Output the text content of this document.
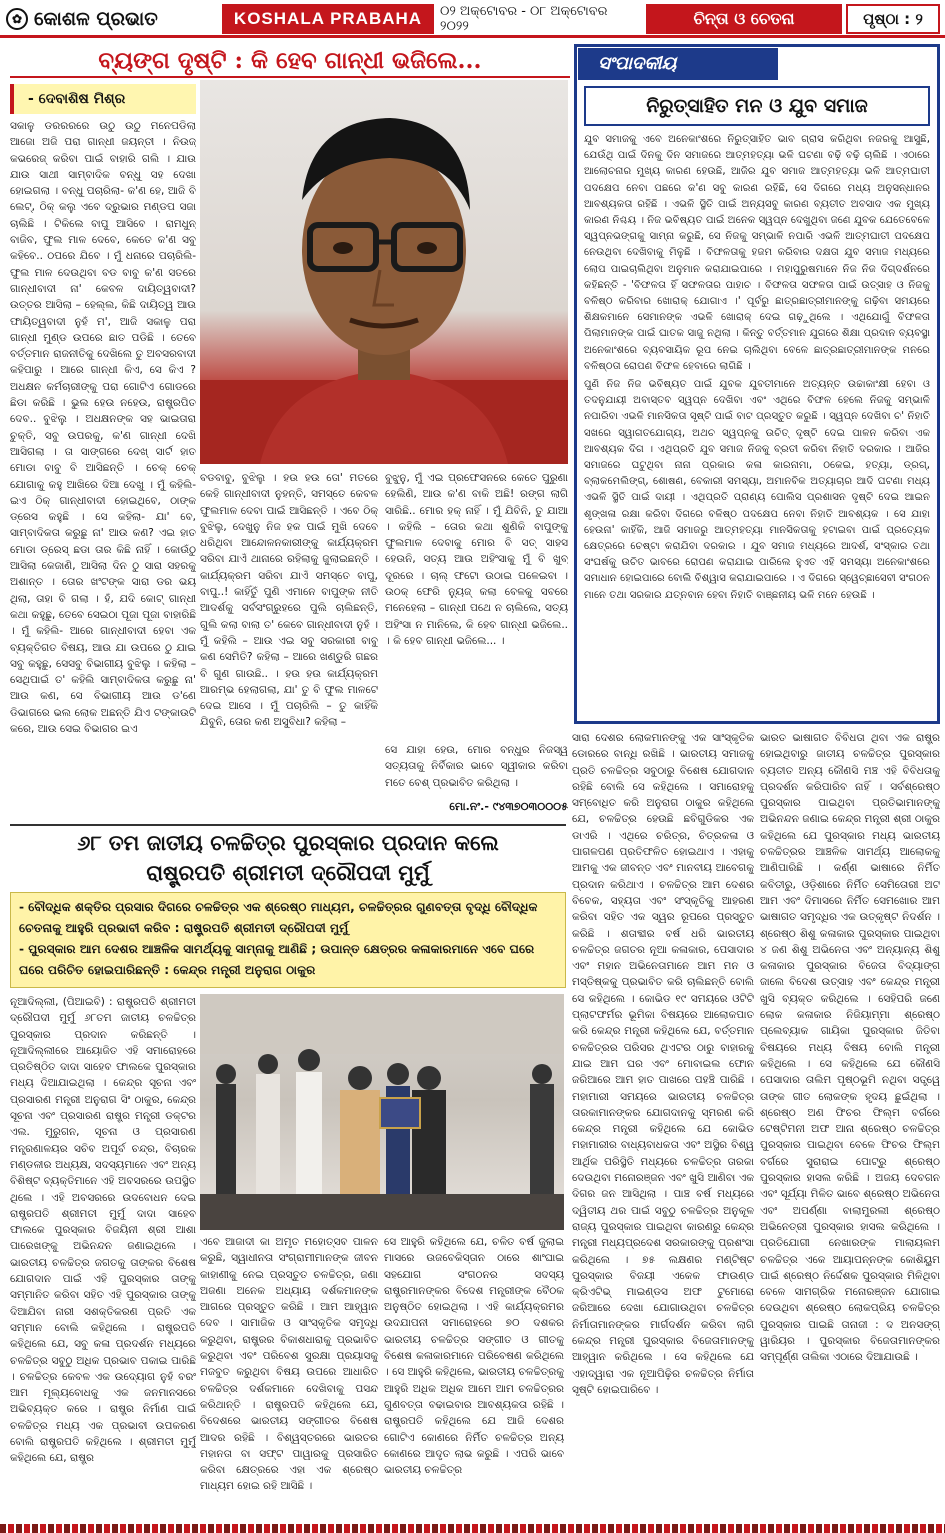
✿ କୋଶଳ ପ୍ରଭାତ	KOSHALA PRABAHA	୦୨ ଅକ୍ଟୋବର - ୦୮ ଅକ୍ଟୋବର ୨୦୨୨	ଚିନ୍ତା ଓ ଚେତନା	ପୃଷ୍ଠା : ୨
ବ୍ୟଙ୍ଗ ଦୃଷ୍ଟି : କି ହେବ ଗାନ୍ଧୀ ଭଜିଲେ...
- ଦେବାଶିଷ ମିଶ୍ର

ସକାଳୁ ଡରରରରେ ଉଠୁ ଉଠୁ ମନେପଡିଲା ଆଜୋ ଅଜି ପରା ଗାନ୍ଧୀ ଜୟନ୍ତୀ । ନିଉଜ୍ କଭରେଜ୍ କରିବା ପାଇଁ ବାହାରି ଗଲି । ଯାଉ ଯାଉ ସାଥୀ ସାମ୍ବାଦିକ ବନ୍ଧୁ ସହ ଦେଖା ହୋଇଗଲା । ବନ୍ଧୁ ପଚାରିଲା- କ'ଣ ହେ, ଆଜି ବି ଲେଟ୍, ଠିକ୍ କଲୁ ଏବେ ଦ୍ରୁଭାର ମଣ୍ଡପ ସଜା ଚାଲିଛି । ଟିକିଲେ ବାପୁ ଆସିବେ । ରାମଧୁନ୍ ବାଜିବ, ଫୁଲ ମାଳ ଦେବେ, କେତେ କ'ଣ ସବୁ କହିବେ.. ଠପରେ ଯିବେ । ମୁଁ ଧନାରେ ପଚାରିଲି- ଫୁଲ ମାଳ ଦେଉଥିବା ବଡ ବାବୁ କ'ଣ ସତରେ ଗାନ୍ଧୀବାଦୀ ନା' କେବଳ ଦାୟିତ୍ୱବାଦୀ? ଉତ୍ତର ଆସିଲା – ହେଲ୍ଲ, କିଛି ଦାୟିତ୍ୱ ଆଉ ଫାୟିତ୍ୱବାଦୀ ନୁହଁ ମ', ଆଜି ସକାଳୁ ପରା ଗାନ୍ଧୀ ମୁଣ୍ଡ ଉପରେ ଛାତ ପଡିଛି । ତେବେ ବର୍ତ୍ତମାନ ରାଜନୀତିକୁ ଦେଖିଲେ ତୁ ଅବସରବାଦୀ କହିପାରୁ । ଆରେ ଗାନ୍ଧୀ କିଏ, ସେ କିଏ ? ଅଧକ୍ଷନ କର୍ମଚାରୀଙ୍କୁ ପରା ଗୋଟିଏ ଗୋଡରେ ଛିଡା କରିଛି । ଭୁଲ ହେଉ ନହେଉ, ରାଷ୍ଟ୍ରପିତ ଦେବ.. ବୁଝିଲୁ । ଅଧକ୍ଷନଙ୍କ ସହ ଭାଇତାରା ଚୁକ୍ତି, ସବୁ ଉପରକୁ, କ'ଣ ଗାନ୍ଧୀ ଦେଖି ଆସିଗଲା । ତା ସାଙ୍ଗରେ ଦେଖ୍ ସାର୍ଟ ହାତ ମୋଡା ବାବୁ ବି ଆସିଛନ୍ତି । ଚେକ୍ ଚେକ୍ ଯୋଗାକୁ କହୁ ଆଖିରେ ଦିଆ ଦେଖୁ । ମୁଁ କହିଲି- ଇଏ ଠିକ୍ ଗାନ୍ଧୀବାଦୀ ହୋଇଥିବେ, ଠାଙ୍କ ଡ୍ରେସ କହୁଛି । ସେ କହିଲା- ଯା' ବେ, ସାମ୍ବାଦିକତା କରୁଛୁ ନା' ଆଉ କଣ? ଏଇ ହାତ ମୋଡା ଡ୍ରେସ୍ ଛଡା ତାର କିଛି ନାହିଁ । କୋଉଁଠୁ ଆସିଲା କେଜାଣି, ଆସିଲା ଦିନ ଠୁ ସାରା ସହରକୁ ଅଶାନ୍ତ । ତୋର ଖଂଟଙ୍କ ସାରା ଡର ଭୟ ଥିଲା, ତାହା ବି ଗଲା । ହଁ, ଯଦି କୋଟ୍ ଗାନ୍ଧୀ କଥା କହୁଛୁ, ତେବେ ସେଇଠା ପୂଜା ପୂଜା ବାହାରିଛି । ମୁଁ କହିଲି- ଆରେ ଗାନ୍ଧୀବାଦୀ ହେବା ଏକ ବ୍ୟକ୍ତିଗତ ବିଷୟ, ଆଉ ଯା ଉପରେ ଠୁ ଯାଇ ସବୁ କହୁଛୁ, ସେସବୁ ବିଭାଗୀୟ ବୁଝିଲୁ । କହିଲା – ସେଥିପାଇଁ ତ' କହିଲି ସାମ୍ବାଦିକତା କରୁଛୁ ନା' ଆଉ କଣ, ସେ ବିଭାଗୀୟ ଆଉ ଡ'ଣେ ଡିଭାଗରେ ଭଲ ଲୋକ ଅଛନ୍ତି ଯିଏ ଟଙ୍କାଉଟି କରେ, ଆଉ ସେଇ ବିଭାଗର ଇଏ

ବଡବାବୁ, ବୁଝିଲୁ । ହଉ ହଉ ତୋ' ମତରେ କେହି ଗାନ୍ଧୀବାଦୀ ନୁହନ୍ତି, ସମସ୍ତେ କେବଳ ଫୁଲମାଳ ଦେବା ପାଇଁ ଆସିଛନ୍ତି । ଏବେ ଠିକ୍ ବୁଝିଲୁ, ଦେଖୁନୁ ନିଜ ହକ ପାଇଁ ମୁଖି ଦେବେ ଧରିଥିବା ଆନ୍ଦୋଳନକାରୀଙ୍କୁ କାର୍ଯ୍ୟକ୍ରମ ସରିବା ଯାଏଁ ଥାନାରେ ରହିଲାକୁ ଜୁଲାଇଛନ୍ତି । କାର୍ଯ୍ୟକ୍ରମ ସରିବା ଯାଏଁ ସମସ୍ତେ ବାପୁ, ବାପୁ..! କାହିଁତୁଁ ପୁଣି ଏମାନେ ବାପୁଙ୍କ ନୀତି ଆଦର୍ଶକୁ ସର୍ବସଂଗ୍ରୁହରେ ପୁଲି ଚାଲିଛନ୍ତି, ଗୁଲି କଲା ବାଲା ତ' କେବେ ଗାନ୍ଧୀବାଦୀ ନୁହଁ । ମୁଁ କହିଲି – ଆଉ ଏଇ ସବୁ ସରକାରୀ ବାବୁ କଣ ସେମିତି? କହିଲା – ଆରେ ଖଣ୍ଡୁରି ଗଛର ବି ଗୁଣ ଗାଉଛି.. । ହଉ ହଉ କାର୍ଯ୍ୟକ୍ରମ ଆରମ୍ଭ ହେଲାଗଲା, ଯା' ତୁ ବି ଫୁଲ ମାଳଟେ ଦେଇ ଆସେ । ମୁଁ ପଚାରିଲି – ତୁ କାହିଁକି ଯିବୁନି, ତୋର କଣ ଅସୁବିଧା? କହିଲା –

ବୁଝୁନୁ, ମୁଁ ଏଇ ପ୍ରଫେସନରେ କେତେ ପୁରୁଣା ହେଲିଣି, ଆଉ କ'ଣ ବାକି ଅଛି! ରଙ୍ଗ ଲାଗି ସାରିଛି.. ମୋର ହକ୍ ନାହିଁ । ମୁଁ ଯିବିନି, ତୁ ଯାଆ । କହିଲି – ତୋର କଥା ଶୁଣିକି ବାପୁଙ୍କୁ ଫୁଲମାଳ ଦେବାକୁ ମୋର ବି ସତ୍ ସାହସ ହେଉନି, ସତ୍ୟ ଆଉ ଅହିଂସାକୁ ମୁଁ ବି ଖୁବ୍ ଦୂରରେ । ଚାଲ୍ ଫଟୋ ଉଠାଇ ପଳେଇବା । ଉଠକ୍ ଫେରି ନ୍ୟୁଜ୍ କଲା ବେଳକୁ ସବରେ ମନେହେଲା – ଗାନ୍ଧୀ ପଥେ ନ ଚାଲିଲେ, ସତ୍ୟ ଅହିଂସା ନ ମାନିଲେ, କି ହେବ ଗାନ୍ଧୀ ଭଜିଲେ.. । କି ହେବ ଗାନ୍ଧୀ ଭଜିଲେ... ।

ସେ ଯାହା ହେଉ, ମୋର ବନ୍ଧୁର ନିଜସ୍ୱ ସତ୍ୟତାକୁ ନିର୍ବିକାର ଭାବେ ସ୍ୱୀକାର କରିବା ମତେ ବେଶ୍ ପ୍ରଭାବିତ କରିଥିଲା ।

ମୋ.ନଂ.- ୯୪୩୭୦୩୦୦୦୫
ସଂପାଦକୀୟ
ନିରୁତ୍ସାହିତ ମନ ଓ ଯୁବ ସମାଜ

ଯୁବ ସମାଜକୁ ଏବେ ଅନେକାଂଶରେ ନିରୁତ୍ସାହିତ ଭାବ ଗ୍ରାସ କରିଥିବା ନଜରକୁ ଆସୁଛି, ଯେଉଁଥି ପାଇଁ ଦିନକୁ ଦିନ ସମାଜରେ ଆତ୍ମହତ୍ୟା ଭଳି ଘଟଣା ବଢ଼ି ବଢ଼ି ଚାଲିଛି । ଏଠାରେ ଆଲୋଚନାର ମୁଖ୍ୟ କାରଣ ହେଉଛି, ଆଜିର ଯୁବ ସମାଜ ଆତ୍ମହତ୍ୟା ଭଳି ଆତ୍ମଘାତୀ ପଦକ୍ଷେପ ନେବା ପଛରେ କ'ଣ ସବୁ କାରଣ ରହିଛି, ସେ ଦିଗରେ ମଧ୍ୟ ଅନୁସନ୍ଧାନର ଆବଶ୍ୟକତା ରହିଛି । ଏଭଳି ସ୍ଥିତି ପାଇଁ ଅନ୍ୟସବୁ କାରଣ ବ୍ୟତୀତ ଅବସାଦ ଏକ ମୁଖ୍ୟ କାରଣ ନିଶ୍ଚୟ । ନିଜ ଭବିଷ୍ୟତ ପାଇଁ ଅନେକ ସ୍ୱପ୍ନ ଦେଖୁଥିବା ଜଣେ ଯୁବକ ଯେତେବେଳେ ସ୍ୱପ୍ନଭଙ୍ଗକୁ ସାମ୍ନା କରୁଛି, ସେ ନିଜକୁ ସମ୍ଭାଳି ନପାରି ଏଭଳି ଆତ୍ମଘାତୀ ପଦକ୍ଷେପ ନେଉଥିବା ଦେଖିବାକୁ ମିଳୁଛି । ବିଫଳତାକୁ ହଜମ କରିବାର ଦକ୍ଷତା ଯୁବ ସମାଜ ମଧ୍ୟରେ ଲୋପ ପାଇଚାଲିଥିବା ଅନୁମାନ କରାଯାଇପାରେ । ମହାପୁରୁଷମାନେ ନିଜ ନିଜ ଦିଗ୍‌ଦର୍ଶନରେ କହିଛନ୍ତି - 'ବିଫଳତା ହିଁ ସଫଳତାର ପାହାଚ । ବିଫଳତା ସଫଳତା ପାଇଁ ଉତ୍ସାହ ଓ ନିଜକୁ ବଳିଷ୍ଠ କରିବାର ଖୋରାକ୍ ଯୋଗାଏ ।' ପୂର୍ବରୁ ଛାତ୍ରଛାତ୍ରୀମାନଙ୍କୁ ଗଢ଼ିବା ସମୟରେ ଶିକ୍ଷକମାନେ ସେମାନଙ୍କ ଏଭଳି ଖୋରାକ୍ ଦେଇ ଗଢ଼ୁଥିଲେ । ଏଥିଯୋଗୁଁ ବିଫଳତା ପିଲାମାନଙ୍କ ପାଇଁ ଘାତକ ସାଜୁ ନଥିଲା । କିନ୍ତୁ ବର୍ତ୍ତମାନ ଯୁଗରେ ଶିକ୍ଷା ପ୍ରଦାନ ବ୍ୟବସ୍ଥା ଅନେକାଂଶରେ ବ୍ୟବସାୟିକ ରୂପ ନେଇ ଚାଲିଥିବା ବେଳେ ଛାତ୍ରଛାତ୍ରୀମାନଙ୍କ ମନରେ ବଳିଷ୍ଠତା ରୋପଣ ବିଫଳ ହେବାରେ ଲାଗିଛି ।

ପୁଣି ନିଜ ନିଜ ଭବିଷ୍ୟତ ପାଇଁ ଯୁବକ ଯୁବତୀମାନେ ଅତ୍ୟନ୍ତ ଉଚ୍ଚାକାଂକ୍ଷୀ ହେବା ଓ ତଦନୁଯାୟୀ ଅବାସ୍ତବ ସ୍ୱପ୍ନ ଦେଖିବା ଏବଂ ଏଥିରେ ବିଫଳ ହେଲେ ନିଜକୁ ସମ୍ଭାଳି ନପାରିବା ଏଭଳି ମାନସିକତା ସୃଷ୍ଟି ପାଇଁ ବାଟ ପ୍ରସ୍ତୁତ କରୁଛି । ସ୍ୱପ୍ନ ଦେଖିବା ଚ' ନିହାତି ସଖରେ ସ୍ୱାଗତଯୋଗ୍ୟ, ଅଥଚ ସ୍ୱପ୍ନକୁ ଉଚିତ୍ ଦୃଷ୍ଟି ଦେଇ ପାଳନ କରିବା ଏକ ଆବଶ୍ୟକ ଦିଗ । ଏଥିପ୍ରତି ଯୁବ ସମାଜ ନିଜକୁ ବ୍ରତୀ କରିବା ନିହାତି ଦରକାର । ଆଜିର ସମାଜରେ ଘଟୁଥିବା ନାନା ପ୍ରକାର କଳା କାରନାମା, ଠକେଇ, ହତ୍ୟା, ଡ୍ରଗ୍, ବ୍ଲାକମେଲିଙ୍ଗ୍, ଶୋଷଣ, ବେକାରୀ ସମସ୍ୟା, ଅମାନବିକ ଅତ୍ୟାଚାର ଆଦି ଘଟଣା ମଧ୍ୟ ଏଭଳି ସ୍ଥିତି ପାଇଁ ଦାୟୀ । ଏଥିପ୍ରତି ପ୍ରାଣ୍ୟ ପୋଲିସ ପ୍ରଶାସନ ଦୃଷ୍ଟି ଦେଇ ଆଇନ ଶୃଙ୍ଖଳା ରକ୍ଷା କରିବା ଦିଗରେ ବଳିଷ୍ଠ ପଦକ୍ଷେପ ନେବା ନିହାତି ଆବଶ୍ୟକ । ସେ ଯାହା ହେଉନା' କାହିଁକି, ଆଜି ସମାଜରୁ ଆତ୍ମହତ୍ୟା ମାନସିକତାକୁ ହଟାଇବା ପାଇଁ ପ୍ରତ୍ୟେକ କ୍ଷେତ୍ରରେ ଚେଷ୍ଟା କରାଯିବା ଦରକାର । ଯୁବ ସମାଜ ମଧ୍ୟରେ ଆଦର୍ଶ, ସଂସ୍କାର ତଥା ସଂଘର୍ଷକୁ ଉଚିତ ଭାବରେ ରୋପଣ କରାଯାଇ ପାରିଲେ ହୁଏତ ଏହି ସମସ୍ୟା ଅନେକାଂଶରେ ସମାଧାନ ହୋଇପାରେ ବୋଲି ବିଶ୍ୱାସ କରାଯାଇପାରେ । ଏ ଦିଗରେ ସ୍ୱେଚ୍ଛାସେବୀ ସଂଗଠନ ମାନେ ତଥା ସରକାର ଯତ୍ନବାନ ହେବା ନିହାତି ବାଞ୍ଛନୀୟ ଭଳି ମନେ ହେଉଛି ।

୬୮ ତମ ଜାତୀୟ ଚଳଚ୍ଚିତ୍ର ପୁରସ୍କାର ପ୍ରଦାନ କଲେ
ରାଷ୍ଟ୍ରପତି ଶ୍ରୀମତୀ ଦ୍ରୌପଦୀ ମୁର୍ମୁ
- ବୌଦ୍ଧିକ ଶକ୍ତିର ପ୍ରସାର ଦିଗରେ ଚଳଚ୍ଚିତ୍ର ଏକ ଶ୍ରେଷ୍ଠ ମାଧ୍ୟମ, ଚଳଚ୍ଚିତ୍ରର ଗୁଣବତ୍ତା ବୃଦ୍ଧି ବୌଦ୍ଧିକ ଚେତନାକୁ ଆହୁରି ପ୍ରଭାବୀ କରିବ : ରାଷ୍ଟ୍ରପତି ଶ୍ରୀମତୀ ଦ୍ରୌପଦୀ ମୁର୍ମୁ
- ପୁରସ୍କାର ଆମ ଦେଶର ଆଞ୍ଚଳିକ ସାମର୍ଥ୍ୟକୁ ସାମ୍ନାକୁ ଆଣିଛି ; ଉପାନ୍ତ କ୍ଷେତ୍ରର କଳାକାରମାନେ ଏବେ ଘରେ ଘରେ ପରିଚିତ ହୋଇପାରିଛନ୍ତି : କେନ୍ଦ୍ର ମନ୍ତ୍ରୀ ଅନୁରାଗ ଠାକୁର

ନୂଆଦିଲ୍ଲୀ, (ପିଆଇବି) : ରାଷ୍ଟ୍ରପତି ଶ୍ରୀମତୀ ଦ୍ରୌପଦୀ ମୁର୍ମୁ ୬୮ତମ ଜାତୀୟ ଚଳଚ୍ଚିତ୍ର ପୁରସ୍କାର ପ୍ରଦାନ କରିଛନ୍ତି । ନୂଆଦିଲ୍ଲୀରେ ଆୟୋଜିତ ଏହି ସମାରୋହରେ ପ୍ରତିଷ୍ଠିତ ଦାଦା ସାହେବ ଫାଲକେ ପୁରସ୍କାର ମଧ୍ୟ ଦିଆଯାଇଥିଲା । କେନ୍ଦ୍ର ସୂଚନା ଏବଂ ପ୍ରସାରଣ ମନ୍ତ୍ରୀ ଅନୁରାଗ ସିଂ ଠାକୁର, କେନ୍ଦ୍ର ସୂଚନା ଏବଂ ପ୍ରସାରଣ ରାଷ୍ଟ୍ର ମନ୍ତ୍ରୀ ଡକ୍ଟର ଏଲ. ମୁରୁଗନ, ସୂଚନା ଓ ପ୍ରସାରଣ ମନ୍ତ୍ରଣାଳୟର ସଚିବ ଅପୂର୍ବ ଚନ୍ଦ୍ର, ବିଚାରକ ମଣ୍ଡଳୀର ଅଧ୍ୟକ୍ଷ, ସଦସ୍ୟମାନେ ଏବଂ ଅନ୍ୟ ବିଶିଷ୍ଟ ବ୍ୟକ୍ତିମାନେ ଏହି ଅବସରରେ ଉପସ୍ଥିତ ଥିଲେ । ଏହି ଅବସରରେ ଉଦବୋଧନ ଦେଇ ରାଷ୍ଟ୍ରପତି ଶ୍ରୀମତୀ ମୁର୍ମୁ ଦାଦା ସାହେବ ଫାଲକେ ପୁରସ୍କାର ବିଜୟିନୀ ଶ୍ରୀ ଆଶା ପାରେଖଙ୍କୁ ଅଭିନନ୍ଦନ ଜଣାଇଥିଲେ । ଭାରତୀୟ ଚଳଚ୍ଚିତ୍ର ଜଗତକୁ ତାଙ୍କର ବିଶେଷ ଯୋଗଦାନ ପାଇଁ ଏହି ପୁରସ୍କାର ତାଙ୍କୁ ସମ୍ମାନିତ କରିବା ସହିତ ଏହି ପୁରସ୍କାର ତାଙ୍କୁ ଦିଆଯିବା ନାରୀ ସଶକ୍ତିକରଣ ପ୍ରତି ଏକ ସମ୍ମାନ ବୋଲି କହିଥିଲେ । ରାଷ୍ଟ୍ରପତି କହିଥିଲେ ଯେ, ସବୁ କଳା ପ୍ରଦର୍ଶନ ମଧ୍ୟରେ ଚଳଚ୍ଚିତ୍ର ସବୁଠୁ ଅଧିକ ପ୍ରଭାବ ପକାଇ ପାରିଛି । ଚଳଚ୍ଚିତ୍ର କେବଳ ଏକ ଉଦ୍ୟୋଗ ନୁହଁ ବରଂ ଆମ ମୂଲ୍ୟବୋଧକୁ ଏକ ଜନମାନସରେ ଅଭିବ୍ୟକ୍ତ କରେ । ରାଷ୍ଟ୍ର ନିର୍ମାଣ ପାଇଁ ଚଳଚ୍ଚିତ୍ର ମଧ୍ୟ ଏକ ପ୍ରଭାବୀ ଉପକରଣ ବୋଲି ରାଷ୍ଟ୍ରପତି କହିଥିଲେ । ଶ୍ରୀମତୀ ମୁର୍ମୁ କହିଥିଲେ ଯେ, ରାଷ୍ଟ୍ର

ଏବେ ଆଜାଦୀ କା ଅମୃତ ମହୋତ୍ସବ ପାଳନ କରୁଛି, ସ୍ୱାଧୀନତା ସଂଗ୍ରାମୀମାନଙ୍କ ଜୀବନ କାହାଣୀକୁ ନେଇ ପ୍ରସ୍ତୁତ ଚଳଚ୍ଚିତ୍ର, ଜଣା ଅଜଣା ଅନେକ ଅଧ୍ୟାୟ ଦର୍ଶକମାନଙ୍କ ଆଗରେ ପ୍ରସ୍ତୁତ କରିଛି । ଆମ ଆହ୍ୱାନ ଦେବ । ସାମାଜିକ ଓ ସାଂସ୍କୃତିକ ସମୃଦ୍ଧି କରୁଥିବା, ରାଷ୍ଟ୍ରର ବିକାଶଧାରାକୁ ପ୍ରଭାବିତ କରୁଥିବା ଏବଂ ପରିବେଶ ସୁରକ୍ଷା ପ୍ରୟାସକୁ ମଜବୁତ କରୁଥିବା ବିଷୟ ଉପରେ ଆଧାରିତ ଚଳଚ୍ଚିତ୍ର ଦର୍ଶକମାନେ ଦେଖିବାକୁ ପସନ୍ଦ କରିଥାନ୍ତି । ରାଷ୍ଟ୍ରପତି କହିଥିଲେ ଯେ, ବିଦେଶରେ ଭାରତୀୟ ସଙ୍ଗୀତର ବିଶେଷ ଆଦର ରହିଛି । ବିଶ୍ୱସ୍ତରରେ ଭାରତର ମହାନତା ବା ସଫ୍ଟ ପାୱାରକୁ ପ୍ରସାରିତ କରିବା କ୍ଷେତ୍ରରେ ଏହା ଏକ ଶ୍ରେଷ୍ଠ ମାଧ୍ୟମ ହୋଇ ରହି ଆସିଛି ।

ସେ ଆହୁରି କହିଥିଲେ ଯେ, ଚଳିତ ବର୍ଷ ଜୁଲାଇ ମାସରେ ଉଜବେକିସ୍ତାନ ଠାରେ ଶାଂଘାଇ ସହଯୋଗ ସଂଗଠନର ସଦସ୍ୟ ରାଷ୍ଟ୍ରମାନଙ୍କର ବିଦେଶ ମନ୍ତ୍ରୀଙ୍କ ବୈଠକ ଅନୁଷ୍ଠିତ ହୋଇଥିଲା । ଏହି କାର୍ଯ୍ୟକ୍ରମର ଉଦଯାପନୀ ସମାରୋହରେ ୭୦ ଦଶକର ଭାରତୀୟ ଚଳଚ୍ଚିତ୍ର ସଙ୍ଗୀତ ଓ ଗୀତକୁ ବିଶେଷ କଳାକାରମାନେ ପରିବେଷଣ କରିଥିଲେ । ସେ ଆହୁରି କହିଥିଲେ, ଭାରତୀୟ ଚଳଚ୍ଚିତ୍ରକୁ ଆହୁରି ଅଧିକ ଅଧିକ ଆମେ ଆମ ଚଳଚ୍ଚିତ୍ରର ଗୁଣବତ୍ତା ବଢାଇବାର ଆବଶ୍ୟକତା ରହିଛି । ରାଷ୍ଟ୍ରପତି କହିଥିଲେ ଯେ ଆଜି ଦେଶର ଗୋଟିଏ କୋଣରେ ନିର୍ମିତ ଚଳଚ୍ଚିତ୍ର ଅନ୍ୟ କୋଣରେ ଆଦୃତ ଲାଭ କରୁଛି । ଏପରି ଭାବେ ଭାରତୀୟ ଚଳଚ୍ଚିତ୍ର

ସାରା ଦେଶର ଲୋକମାନଙ୍କୁ ଏକ ସାଂସ୍କୃତିକ ଡୋରରେ ବାନ୍ଧି ରଖିଛି । ଭାରତୀୟ ସମାଜକୁ ପ୍ରତି ଚଳଚ୍ଚିତ୍ର ସବୁଠାରୁ ବିଶେଷ ଯୋଗଦାନ ରହିଛି ବୋଲି ସେ କହିଥିଲେ । ସମାରୋହକୁ ସମ୍ବୋଧିତ କରି ଅନୁରାଗ ଠାକୁର କହିଥିଲେ ଯେ, ଚଳଚ୍ଚିତ୍ର ହେଉଛି ଛବିଗୁଡିକର ଏକ ଡାଏରି । ଏଥିରେ ଚରିତ୍ର, ଚିତ୍ରକଳା ଓ ପାଗଳପଣ ପ୍ରତିଫଳିତ ହୋଇଥାଏ । ଏହାକୁ ଆମକୁ ଏକ ଜୀବନ୍ତ ଏବଂ ମାନବୀୟ ଆବେଗକୁ ପ୍ରଦାନ କରିଥାଏ । ଚଳଚ୍ଚିତ୍ର ଆମ ଦେଶର ବିବେକ, ସହ୍ୟତା ଏବଂ ସଂସ୍କୃତିକୁ ଆହରଣ କରିବା ସହିତ ଏକ ସ୍ୱର ରୂପରେ ପ୍ରସ୍ତୁତ କରିଛି । ଶତାବ୍ଦୀର ବର୍ଷ ଧରି ଭାରତୀୟ ଚଳଚ୍ଚିତ୍ର ଜଗତର ନୂଆ କଳାକାର, ପେସାଦାର ଏବଂ ମହାନ ଅଭିନେତାମାନେ ଆମ ମନ ଓ ମସ୍ତିଷ୍କକୁ ପ୍ରଭାବିତ କରି ଚାଲିଛନ୍ତି ବୋଲି ସେ କହିଥିଲେ । କୋଭିଡ ୧୯ ସମୟରେ ଓଟିଟି ପ୍ଲାଟଫର୍ମର ଭୂମିକା ବିଷୟରେ ଆଲୋକପାତ କରି କେନ୍ଦ୍ର ମନ୍ତ୍ରୀ କହିଥିଲେ ଯେ, ବର୍ତ୍ତମାନ ଚଳଚ୍ଚିତ୍ରର ପରିସର ଥିଏଟର ଠାରୁ ବାହାରକୁ ଯାଇ ଆମ ଘର ଏବଂ ମୋବାଇଲ ଫୋନ ଜରିଆରେ ଆମ ହାତ ପାଖରେ ପହଞ୍ଚି ପାରିଛି । ମହାମାରୀ ସମୟରେ ଭାରତୀୟ ଚଳଚ୍ଚିତ୍ର ତାରକାମାନଙ୍କର ଯୋଗଦାନକୁ ସ୍ମରଣ କରି କେନ୍ଦ୍ର ମନ୍ତ୍ରୀ କହିଥିଲେ ଯେ କୋଭିଡ ମହାମାରୀର ବାଧ୍ୟବାଧକତା ଏବଂ ଅସ୍ଥିର ବିଶ୍ୱ ଆର୍ଥିକ ପରିସ୍ଥିତି ମଧ୍ୟରେ ଚଳଚ୍ଚିତ୍ର ତାରକା ଦେଉଥିବା ମନୋରଞ୍ଜନ ଏବଂ ଖୁସି ଆଣିବା ଏକ ଦିଗର ଜନ ଆସିଥିଲା । ପାଞ୍ଚ ବର୍ଷ ମଧ୍ୟରେ ଦ୍ୱିତୀୟ ଥର ପାଇଁ ସବୁଠୁ ଚଳଚ୍ଚିତ୍ର ଅନୁକୂଳ ରାଜ୍ୟ ପୁରସ୍କାର ପାଇଥିବା କାରଣରୁ କେନ୍ଦ୍ର ମନ୍ତ୍ରୀ ମଧ୍ୟପ୍ରଦେଶ ସରକାରଙ୍କୁ ପ୍ରଶଂସା କରିଥିଲେ । ୭୫ ଲକ୍ଷଣର ମଣ୍ଟିଷ୍ଟ ପୁରସ୍କାର ବିଜୟୀ ଏକେକ ଫାଉଣ୍ଡ କ୍ରିଏଟିଭ୍ ମାଇଣ୍ଡସ ଅଫ ଟୁମୋରୋ ଜରିଆରେ ଦେଖା ଯୋଗାଉଥିବା ଚଳଚ୍ଚିତ୍ର ନିର୍ମାତାମାନଙ୍କର ମାର୍ଗଦର୍ଶନ କରିବା ଲାଗି କେନ୍ଦ୍ର ମନ୍ତ୍ରୀ ପୁରସ୍କାର ବିଜେତାମାନଙ୍କୁ ଆହ୍ୱାନ କରିଥିଲେ । ସେ କହିଥିଲେ ଯେ ଏହାଦ୍ୱାରା ଏକ ନୂଆପିଢ଼ିର ଚଳଚ୍ଚିତ୍ର ନିର୍ମାତା ସୃଷ୍ଟି ହୋଇପାରିବେ ।

ଭାରତ ଭାଷାଗତ ବିବିଧତା ଥିବା ଏକ ରାଷ୍ଟ୍ର ହୋଇଥିବାରୁ ଜାତୀୟ ଚଳଚ୍ଚିତ୍ର ପୁରସ୍କାର ବ୍ୟତୀତ ଅନ୍ୟ କୌଣସି ମଞ୍ଚ ଏହି ବିବିଧତାକୁ ପ୍ରଦର୍ଶନ କରିପାରିବ ନାହିଁ । ସର୍ବଶ୍ରେଷ୍ଠ ପୁରସ୍କାର ପାଇଥିବା ପ୍ରତିଭାମାନଙ୍କୁ ଅଭିନନ୍ଦନ ଜଣାଇ କେନ୍ଦ୍ର ମନ୍ତ୍ରୀ ଶ୍ରୀ ଠାକୁର କହିଥିଲେ ଯେ ପୁରସ୍କାର ମଧ୍ୟ ଭାରତୀୟ ଚଳଚ୍ଚିତ୍ରର ଆଞ୍ଚଳିକ ସାମର୍ଥ୍ୟ ଆଲୋକକୁ ଆଣିପାରିଛି । କର୍ଣ୍ଣ ଭାଷାରେ ନିର୍ମିତ କବିତୀରୁ, ଓଡ଼ିଶାରେ ନିର୍ମିତ ସେମିତୋରୀ ଅଟ ଆମ ଏବଂ ଦିମାସରେ ନିର୍ମିତ ସେମଖୋର ଆମ ଭାଷାଗତ ସମୃଦ୍ଧିର ଏକ ଉତ୍କୃଷ୍ଟ ନିଦର୍ଶନ । ଶ୍ରେଷ୍ଠ ଶିଶୁ କଳାକାର ପୁରସ୍କାର ପାଇଥିବା ୪ ଜଣ ଶିଶୁ ଅଭିନେତା ଏବଂ ଅନ୍ୟାନ୍ୟ ଶିଶୁ କଳାକାର ପୁରସ୍କାର ବିଜେତା ବିଦ୍ୟାଙ୍ଗ ଜାଲେ ବିଦେଶ ଉତ୍ସାହ ଏବଂ କେନ୍ଦ୍ର ମନ୍ତ୍ରୀ ଖୁସି ବ୍ୟକ୍ତ କରିଥିଲେ । ସେହିପରି ଜଣେ ଲୋକ କଳାକାର ନିଜିୟାମ୍ମା ଶ୍ରେଷ୍ଠ ପ୍ଲେବ୍ୟାକ ଗାୟିକା ପୁରସ୍କାର ଜିତିବା ବିଷୟରେ ମଧ୍ୟ ବିଷୟ ବୋଲି ମନ୍ତ୍ରୀ କହିଥିଲେ । ସେ କହିଥିଲେ ଯେ କୌଣସି ପେସାଦାର ତାଲିମ ପୃଷ୍ଠଭୂମି ନଥିବା ସତ୍ତ୍ୱେ ତାଙ୍କ ଗୀତ ଲୋକଙ୍କ ହୃଦୟ ଛୁଇଁଥିଲା । ଶ୍ରେଷ୍ଠ ଅଣ ଫିଚର ଫିଲ୍ମ ବର୍ଗରେ ଟେଷ୍ଟିମନୀ ଅଫ ଆନା ଶ୍ରେଷ୍ଠ ଚଳଚ୍ଚିତ୍ର ପୁରସ୍କାର ପାଇଥିବା ବେଳେ ଫିଚର ଫିଲ୍ମ ବର୍ଗରେ ସୁରାରାଇ ପୋଟ୍ରୁ ଶ୍ରେଷ୍ଠ ପୁରସ୍କାର ହାସଲ କରିଛି । ଅଜୟ ଦେବଗନ ଏବଂ ସୂର୍ଯ୍ୟା ମିଳିତ ଭାବେ ଶ୍ରେଷ୍ଠ ଅଭିନେତା ଏବଂ ଅପର୍ଣ୍ଣା ବାଲାମୁରଲୀ ଶ୍ରେଷ୍ଠ ଅଭିନେତ୍ରୀ ପୁରସ୍କାର ହାସଲ କରିଥିଲେ । ପ୍ରତିଯୋଗୀ ନେଖାରଙ୍କ ମାଲାୟଲମ ଚଳଚ୍ଚିତ୍ର ଏକେ ଆୟାପନ୍ନଙ୍କ କୋଶିୟୁମ ପାଇଁ ଶ୍ରେଷ୍ଠ ନିର୍ଦ୍ଦେଶକ ପୁରସ୍କାର ମିଳିଥିବା ବେଳେ ସାମଗ୍ରିକ ମନୋରଞ୍ଜନ ଯୋଗାଇ ଦେଉଥିବା ଶ୍ରେଷ୍ଠ ଲୋକପ୍ରିୟ ଚଳଚ୍ଚିତ୍ର ପୁରସ୍କାର ପାଇଛି ତାନାଜୀ : ଦ ଅନସଙ୍ଗ୍ ୱାରିୟର । ପୁରସ୍କାର ବିଜେତାମାନଙ୍କର ସମ୍ପୂର୍ଣ୍ଣ ତାଲିକା ଏଠାରେ ଦିଆଯାଉଛି ।
